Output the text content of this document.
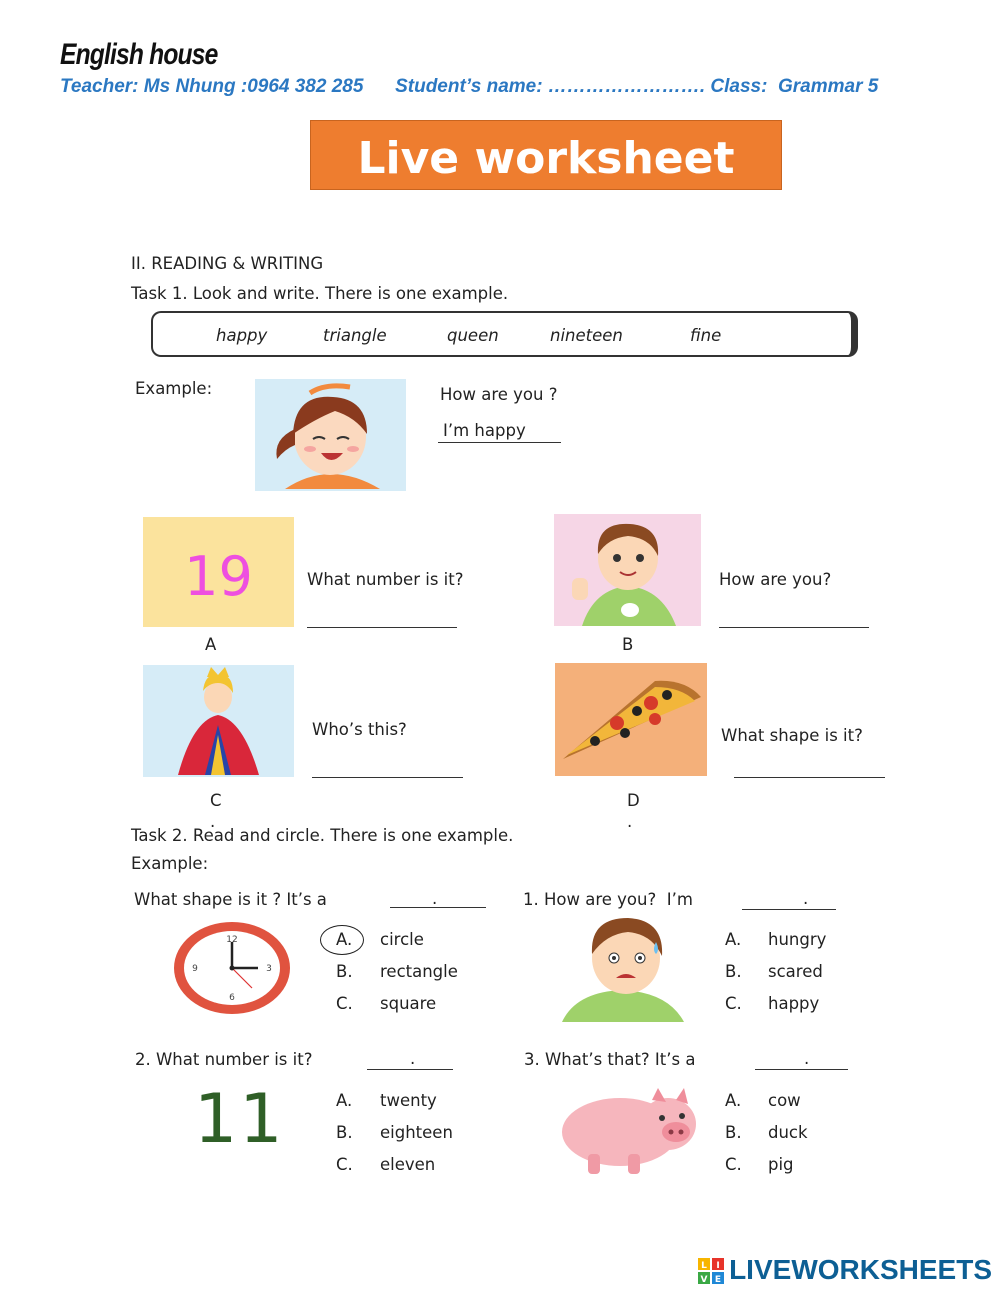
English house
Teacher: Ms Nhung :0964 382 285      Student’s name: ……………………. Class:  Grammar 5
Live worksheet
II. READING & WRITING
Task 1. Look and write. There is one example.
happy	triangle	queen	nineteen	fine
Example:	How are you ?
I’m happy
19	What number is it?
A
How are you?
B
Who’s this?
C
.
What shape is it?
D
.
Task 2. Read and circle. There is one example.
Example:
What shape is it ? It’s a	.
12
3
6
9
A. circle
B. rectangle
C. square
1. How are you?  I’m	.
A. hungry
B. scared
C. happy
2. What number is it?	.
11	A. twenty
B. eighteen
C. eleven
3. What’s that? It’s a	.
A. cow
B. duck
C. pig
L I
V E LIVEWORKSHEETS
